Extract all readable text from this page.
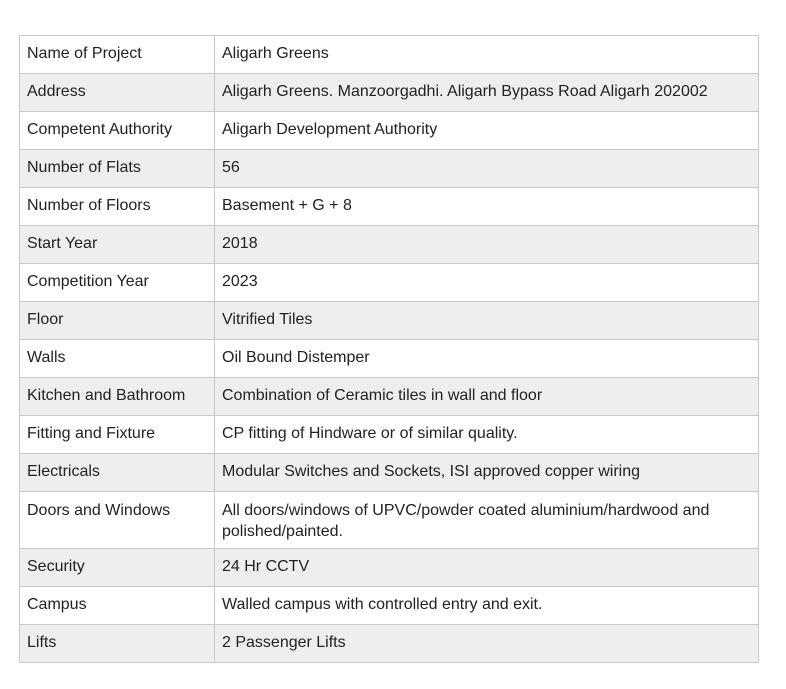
Name of Project	Aligarh Greens
Address	Aligarh Greens. Manzoorgadhi. Aligarh Bypass Road Aligarh 202002
Competent Authority	Aligarh Development Authority
Number of Flats	56
Number of Floors	Basement + G + 8
Start Year	2018
Competition Year	2023
Floor	Vitrified Tiles
Walls	Oil Bound Distemper
Kitchen and Bathroom	Combination of Ceramic tiles in wall and floor
Fitting and Fixture	CP fitting of Hindware or of similar quality.
Electricals	Modular Switches and Sockets, ISI approved copper wiring
Doors and Windows	All doors/windows of UPVC/powder coated aluminium/hardwood and polished/painted.
Security	24 Hr CCTV
Campus	Walled campus with controlled entry and exit.
Lifts	2 Passenger Lifts
